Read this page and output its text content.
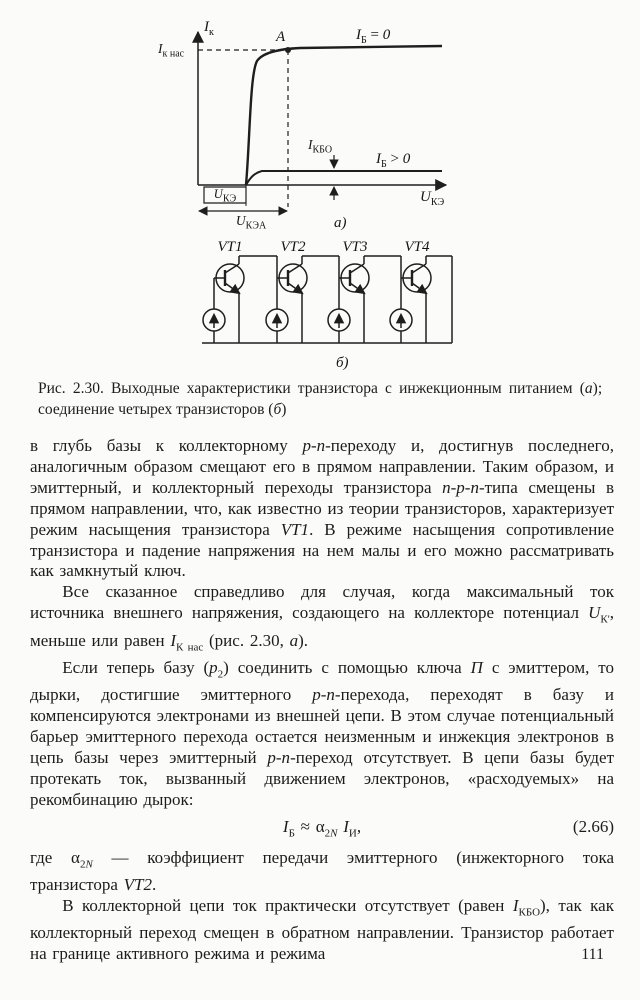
$I_к$
$I_{к нас}$
A	$I_Б = 0$
$I_{КБО}$
$I_Б > 0$
$U_{КЭ}$
$U_{КЭ}$
$U_{КЭА}$	а)
VT1	VT2	VT3	VT4
б)
Рис. 2.30. Выходные характеристики транзистора с инжекционным питанием (а);  соединение четырех транзисторов (б)

в глубь базы к коллекторному p-n-переходу и, достигнув последнего, аналогичным образом смещают его в прямом направлении. Таким образом, и эмиттерный, и коллекторный переходы транзистора n-p-n-типа смещены в прямом направлении, что, как известно из теории транзисторов, характеризует режим насыщения транзистора VT1. В режиме насыщения сопротивление транзистора и падение напряжения на нем малы и его можно рассматривать как замкнутый ключ.

Все сказанное справедливо для случая, когда максимальный ток источника внешнего напряжения, создающего на коллекторе потенциал $U_{К'}$, меньше или равен $I_{К нас}$ (рис. 2.30, а).

Если теперь базу $(p_2)$ соединить с помощью ключа П с эмиттером, то дырки, достигшие эмиттерного p-n-перехода, переходят в базу и компенсируются электронами из внешней цепи. В этом случае потенциальный барьер эмиттерного перехода остается неизменным и инжекция электронов в цепь базы через эмиттерный p-n-переход отсутствует. В цепи базы будет протекать ток, вызванный движением электронов, «расходуемых» на рекомбинацию дырок:

$I_Б \approx \alpha_{2N}$ $I_И$,	(2.66)

где $\alpha_{2N}$ — коэффициент передачи эмиттерного (инжекторного тока транзистора VT2.

В коллекторной цепи ток практически отсутствует (равен $I_{КБО}$), так как коллекторный переход смещен в обратном направлении. Транзистор работает на границе активного режима и режима	111
